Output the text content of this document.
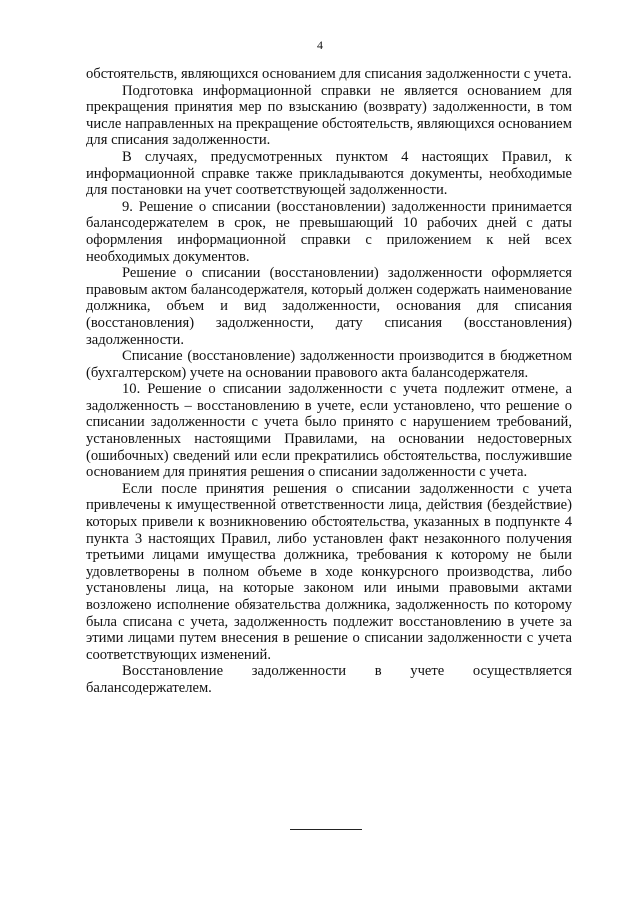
4

обстоятельств, являющихся основанием для списания задолженности с учета.

Подготовка информационной справки не является основанием для прекращения принятия мер по взысканию (возврату) задолженности, в том числе направленных на прекращение обстоятельств, являющихся основанием для списания задолженности.

В случаях, предусмотренных пунктом 4 настоящих Правил, к информационной справке также прикладываются документы, необходимые для постановки на учет соответствующей задолженности.

9. Решение о списании (восстановлении) задолженности принимается балансодержателем в срок, не превышающий 10 рабочих дней с даты оформления информационной справки с приложением к ней всех необходимых документов.

Решение о списании (восстановлении) задолженности оформляется правовым актом балансодержателя, который должен содержать наименование должника, объем и вид задолженности, основания для списания (восстановления) задолженности, дату списания (восстановления) задолженности.

Списание (восстановление) задолженности производится в бюджетном (бухгалтерском) учете на основании правового акта балансодержателя.

10. Решение о списании задолженности с учета подлежит отмене, а задолженность – восстановлению в учете, если установлено, что решение о списании задолженности с учета было принято с нарушением требований, установленных настоящими Правилами, на основании недостоверных (ошибочных) сведений или если прекратились обстоятельства, послужившие основанием для принятия решения о списании задолженности с учета.

Если после принятия решения о списании задолженности с учета привлечены к имущественной ответственности лица, действия (бездействие) которых привели к возникновению обстоятельства, указанных в подпункте 4 пункта 3 настоящих Правил, либо установлен факт незаконного получения третьими лицами имущества должника, требования к которому не были удовлетворены в полном объеме в ходе конкурсного производства, либо установлены лица, на которые законом или иными правовыми актами возложено исполнение обязательства должника, задолженность по которому была списана с учета, задолженность подлежит восстановлению в учете за этими лицами путем внесения в решение о списании задолженности с учета соответствующих изменений.

Восстановление задолженности в учете осуществляется балансодержателем.
